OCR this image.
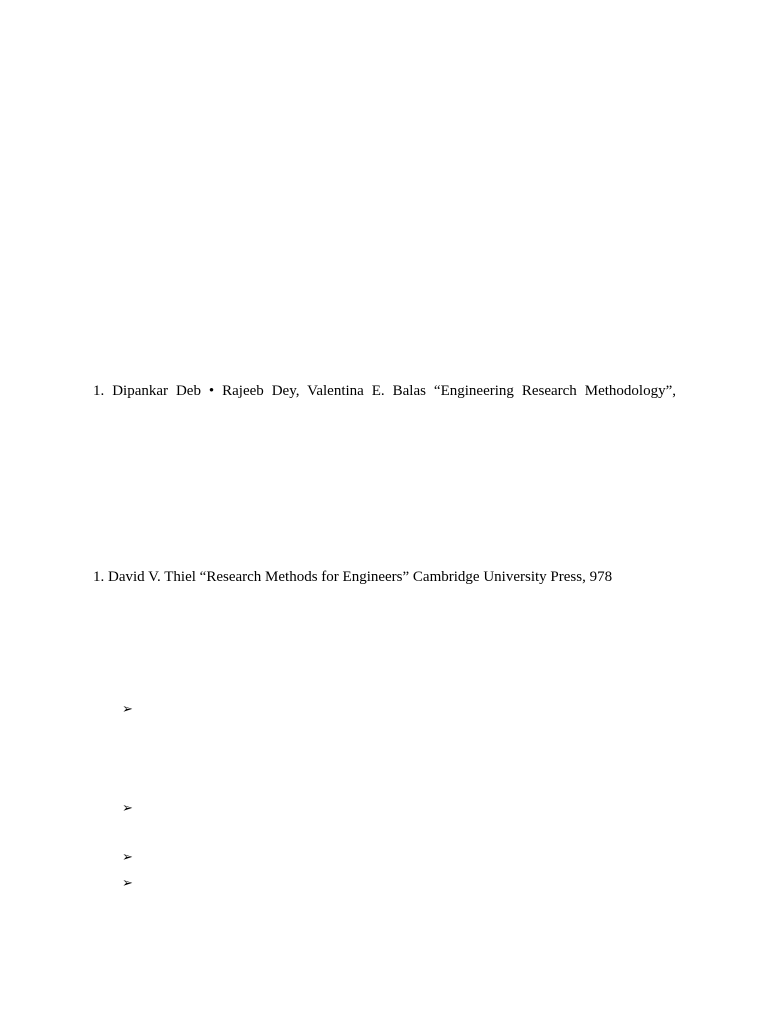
1. Dipankar Deb • Rajeeb Dey, Valentina E. Balas “Engineering Research Methodology”,
1. David V. Thiel “Research Methods for Engineers” Cambridge University Press, 978
➢
➢
➢
➢
